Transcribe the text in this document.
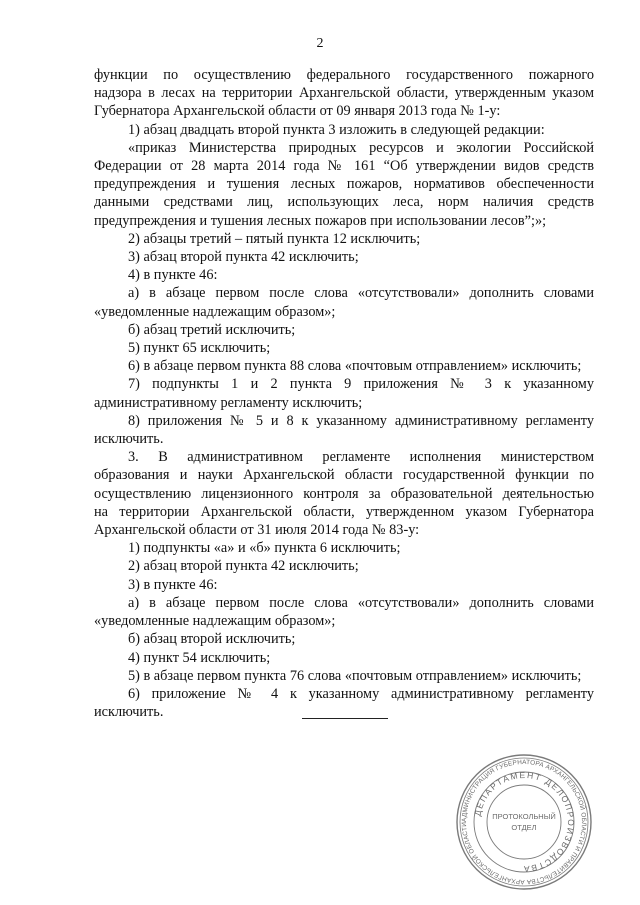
2
функции по осуществлению федерального государственного пожарного
надзора в лесах на территории Архангельской области, утвержденным указом
Губернатора Архангельской области от 09 января 2013 года № 1-у:
1) абзац двадцать второй пункта 3 изложить в следующей редакции:
«приказ Министерства природных ресурсов и экологии Российской
Федерации от 28 марта 2014 года № 161 “Об утверждении видов средств
предупреждения и тушения лесных пожаров, нормативов обеспеченности
данными средствами лиц, использующих леса, норм наличия средств
предупреждения и тушения лесных пожаров при использовании лесов”;»;
2) абзацы третий – пятый пункта 12 исключить;
3) абзац второй пункта 42 исключить;
4) в пункте 46:
а) в абзаце первом после слова «отсутствовали» дополнить словами
«уведомленные надлежащим образом»;
б) абзац третий исключить;
5) пункт 65 исключить;
6) в абзаце первом пункта 88 слова «почтовым отправлением» исключить;
7) подпункты 1 и 2 пункта 9 приложения № 3 к указанному
административному регламенту исключить;
8) приложения № 5 и 8 к указанному административному регламенту
исключить.
3. В административном регламенте исполнения министерством
образования и науки Архангельской области государственной функции по
осуществлению лицензионного контроля за образовательной деятельностью
на территории Архангельской области, утвержденном указом Губернатора
Архангельской области от 31 июля 2014 года № 83-у:
1) подпункты «а» и «б» пункта 6 исключить;
2) абзац второй пункта 42 исключить;
3) в пункте 46:
а) в абзаце первом после слова «отсутствовали» дополнить словами
«уведомленные надлежащим образом»;
б) абзац второй исключить;
4) пункт 54 исключить;
5) в абзаце первом пункта 76 слова «почтовым отправлением» исключить;
6) приложение № 4 к указанному административному регламенту
исключить.
АДМИНИСТРАЦИЯ ГУБЕРНАТОРА АРХАНГЕЛЬСКОЙ ОБЛАСТИ И ПРАВИТЕЛЬСТВА АРХАНГЕЛЬСКОЙ ОБЛАСТИ
ДЕПАРТАМЕНТ ДЕЛОПРОИЗВОДСТВА
ПРОТОКОЛЬНЫЙ
ОТДЕЛ
